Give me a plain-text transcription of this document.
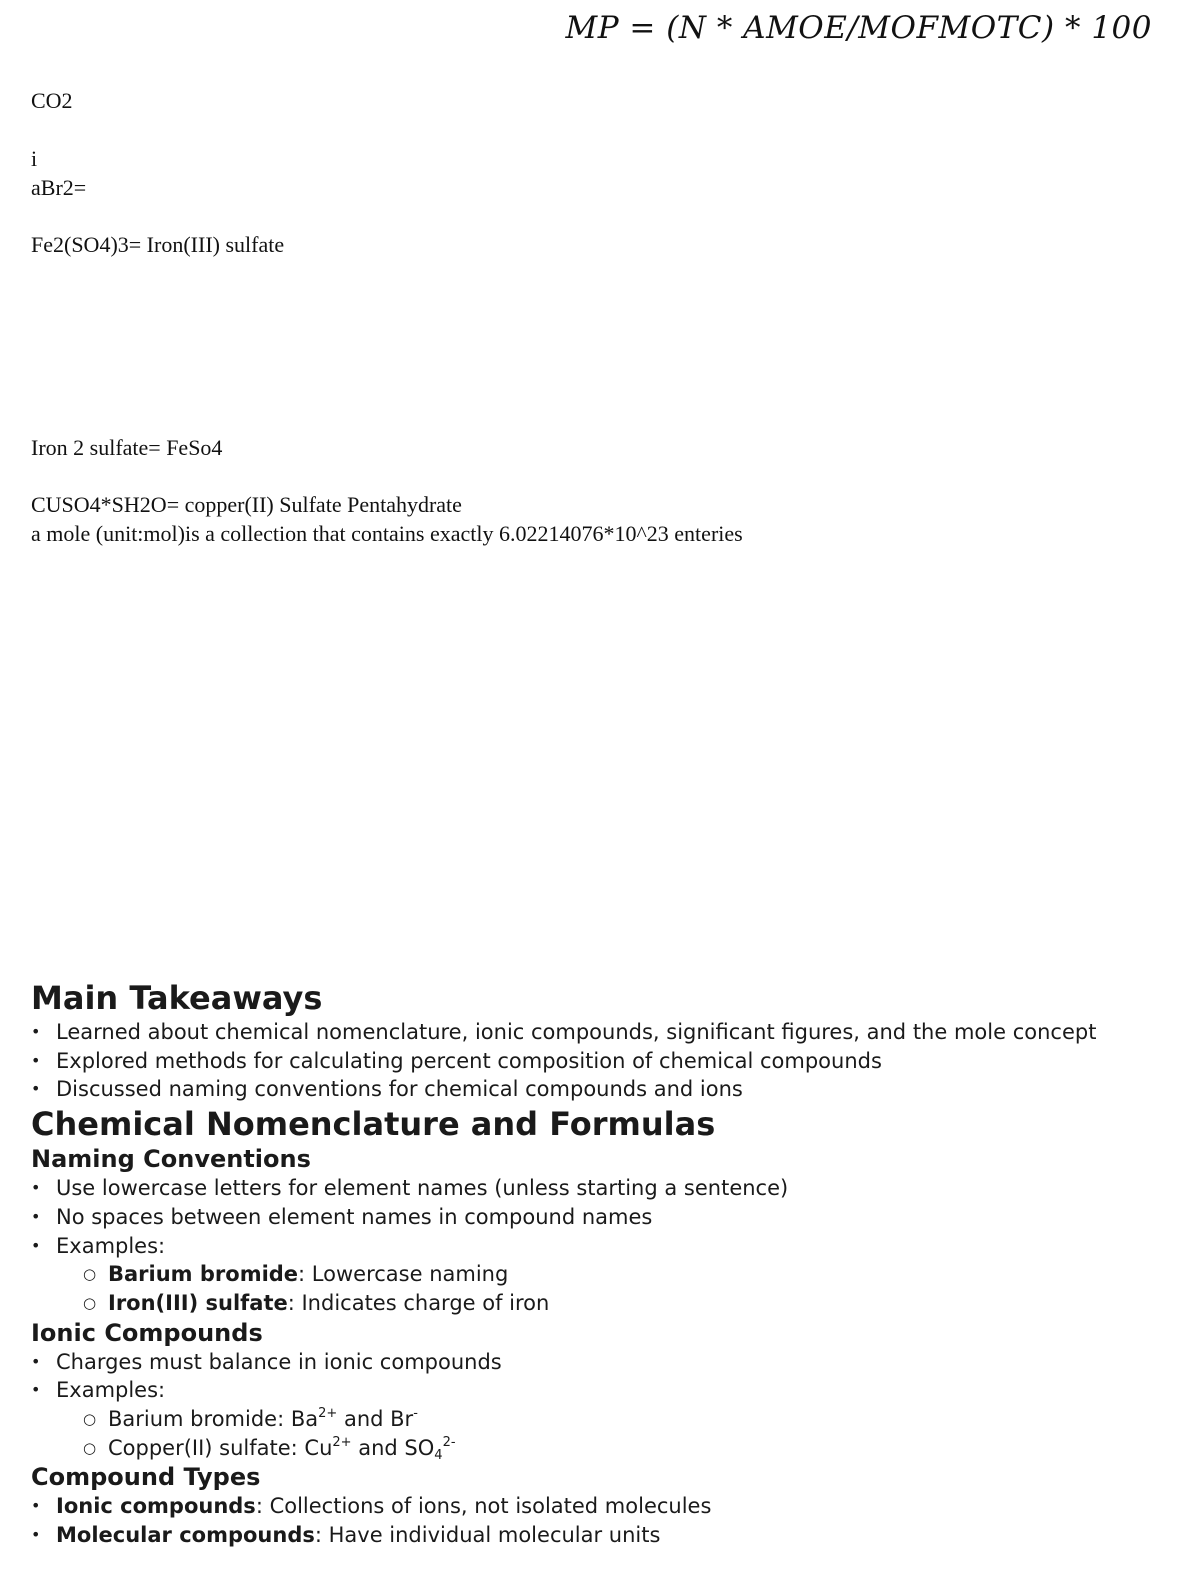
MP = (N * AMOE/MOFMOTC) * 100
CO2
i
aBr2=
Fe2(SO4)3= Iron(III) sulfate
Iron 2 sulfate= FeSo4
CUSO4*SH2O= copper(II) Sulfate Pentahydrate
a mole (unit:mol)is a collection that contains exactly 6.02214076*10^23 enteries
Main Takeaways
• Learned about chemical nomenclature, ionic compounds, significant figures, and the mole concept
• Explored methods for calculating percent composition of chemical compounds
• Discussed naming conventions for chemical compounds and ions
Chemical Nomenclature and Formulas
Naming Conventions
• Use lowercase letters for element names (unless starting a sentence)
• No spaces between element names in compound names
• Examples:
○ Barium bromide: Lowercase naming
○ Iron(III) sulfate: Indicates charge of iron
Ionic Compounds
• Charges must balance in ionic compounds
• Examples:
○ Barium bromide: $Ba^{2+}$ and Br-
○ Copper(II) sulfate: $Cu^{2+}$ and $SO_4^{2-}$
Compound Types
• Ionic compounds: Collections of ions, not isolated molecules
• Molecular compounds: Have individual molecular units
